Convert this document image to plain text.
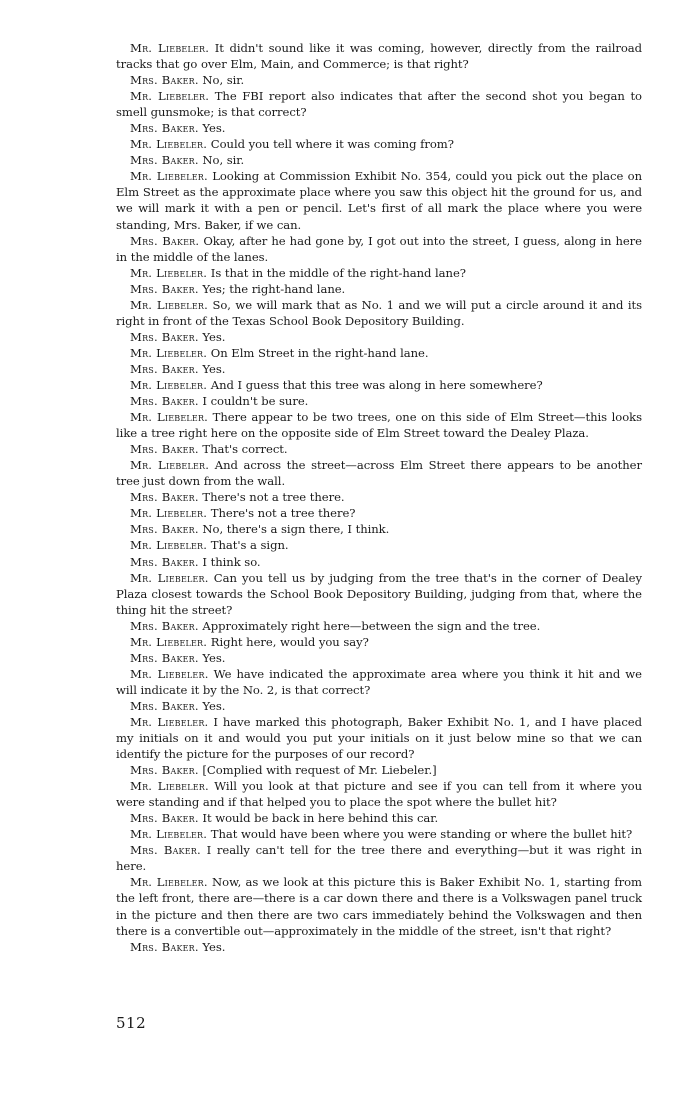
Mr. Liebeler. It didn't sound like it was coming, however, directly from the railroad tracks that go over Elm, Main, and Commerce; is that right?

Mrs. Baker. No, sir.

Mr. Liebeler. The FBI report also indicates that after the second shot you began to smell gunsmoke; is that correct?

Mrs. Baker. Yes.

Mr. Liebeler. Could you tell where it was coming from?

Mrs. Baker. No, sir.

Mr. Liebeler. Looking at Commission Exhibit No. 354, could you pick out the place on Elm Street as the approximate place where you saw this object hit the ground for us, and we will mark it with a pen or pencil. Let's first of all mark the place where you were standing, Mrs. Baker, if we can.

Mrs. Baker. Okay, after he had gone by, I got out into the street, I guess, along in here in the middle of the lanes.

Mr. Liebeler. Is that in the middle of the right-hand lane?

Mrs. Baker. Yes; the right-hand lane.

Mr. Liebeler. So, we will mark that as No. 1 and we will put a circle around it and its right in front of the Texas School Book Depository Building.

Mrs. Baker. Yes.

Mr. Liebeler. On Elm Street in the right-hand lane.

Mrs. Baker. Yes.

Mr. Liebeler. And I guess that this tree was along in here somewhere?

Mrs. Baker. I couldn't be sure.

Mr. Liebeler. There appear to be two trees, one on this side of Elm Street—this looks like a tree right here on the opposite side of Elm Street toward the Dealey Plaza.

Mrs. Baker. That's correct.

Mr. Liebeler. And across the street—across Elm Street there appears to be another tree just down from the wall.

Mrs. Baker. There's not a tree there.

Mr. Liebeler. There's not a tree there?

Mrs. Baker. No, there's a sign there, I think.

Mr. Liebeler. That's a sign.

Mrs. Baker. I think so.

Mr. Liebeler. Can you tell us by judging from the tree that's in the corner of Dealey Plaza closest towards the School Book Depository Building, judging from that, where the thing hit the street?

Mrs. Baker. Approximately right here—between the sign and the tree.

Mr. Liebeler. Right here, would you say?

Mrs. Baker. Yes.

Mr. Liebeler. We have indicated the approximate area where you think it hit and we will indicate it by the No. 2, is that correct?

Mrs. Baker. Yes.

Mr. Liebeler. I have marked this photograph, Baker Exhibit No. 1, and I have placed my initials on it and would you put your initials on it just below mine so that we can identify the picture for the purposes of our record?

Mrs. Baker. [Complied with request of Mr. Liebeler.]

Mr. Liebeler. Will you look at that picture and see if you can tell from it where you were standing and if that helped you to place the spot where the bullet hit?

Mrs. Baker. It would be back in here behind this car.

Mr. Liebeler. That would have been where you were standing or where the bullet hit?

Mrs. Baker. I really can't tell for the tree there and everything—but it was right in here.

Mr. Liebeler. Now, as we look at this picture this is Baker Exhibit No. 1, starting from the left front, there are—there is a car down there and there is a Volkswagen panel truck in the picture and then there are two cars immediately behind the Volkswagen and then there is a convertible out—approximately in the middle of the street, isn't that right?

Mrs. Baker. Yes.

512
